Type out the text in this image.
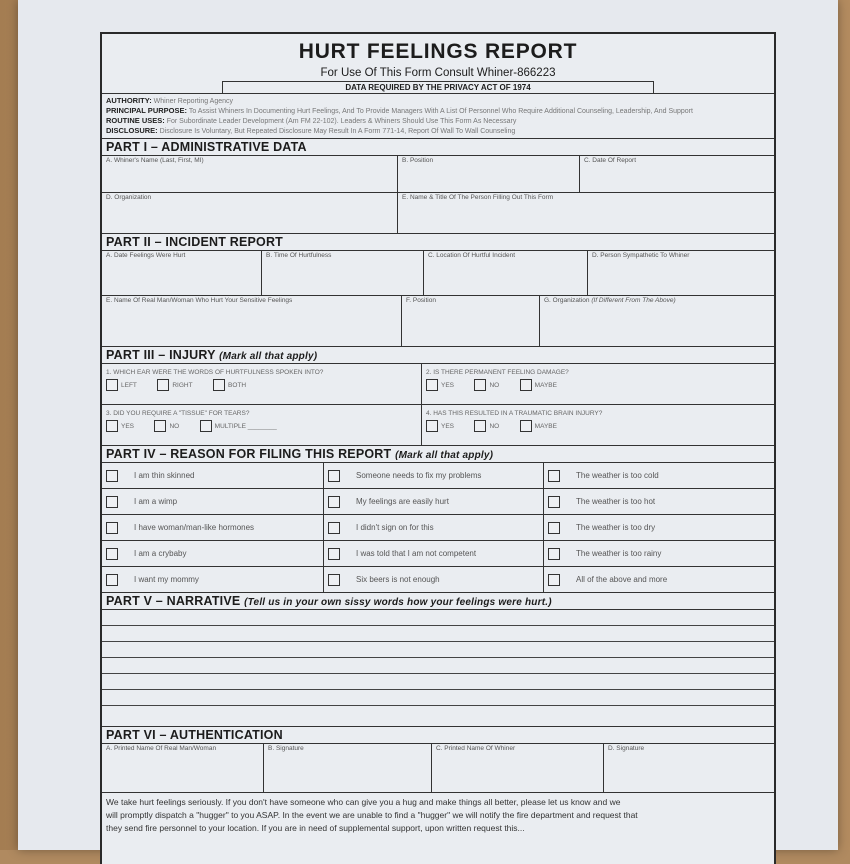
HURT FEELINGS REPORT
For Use Of This Form Consult Whiner-866223
DATA REQUIRED BY THE PRIVACY ACT OF 1974
AUTHORITY: Whiner Reporting Agency
PRINCIPAL PURPOSE: To Assist Whiners In Documenting Hurt Feelings, And To Provide Managers With A List Of Personnel Who Require Additional Counseling, Leadership, And Support
ROUTINE USES: For Subordinate Leader Development (Am FM 22-102). Leaders & Whiners Should Use This Form As Necessary
DISCLOSURE: Disclosure Is Voluntary, But Repeated Disclosure May Result In A Form 771-14, Report Of Wall To Wall Counseling
PART I – ADMINISTRATIVE DATA
A. Whiner's Name (Last, First, MI)	B. Position	C. Date Of Report
D. Organization	E. Name & Title Of The Person Filling Out This Form
PART II – INCIDENT REPORT
A. Date Feelings Were Hurt	B. Time Of Hurtfulness	C. Location Of Hurtful Incident	D. Person Sympathetic To Whiner
E. Name Of Real Man/Woman Who Hurt Your Sensitive Feelings	F. Position	G. Organization (If Different From The Above)
PART III – INJURY (Mark all that apply)
1. WHICH EAR WERE THE WORDS OF HURTFULNESS SPOKEN INTO?
LEFT
	RIGHT
	BOTH
2. IS THERE PERMANENT FEELING DAMAGE?
YES
	NO
	MAYBE
3. DID YOU REQUIRE A "TISSUE" FOR TEARS?
YES
	NO
	MULTIPLE ________
4. HAS THIS RESULTED IN A TRAUMATIC BRAIN INJURY?
YES
	NO
	MAYBE
PART IV – REASON FOR FILING THIS REPORT (Mark all that apply)
I am thin skinned	Someone needs to fix my problems	The weather is too cold
I am a wimp	My feelings are easily hurt	The weather is too hot
I have woman/man-like hormones	I didn't sign on for this	The weather is too dry
I am a crybaby	I was told that I am not competent	The weather is too rainy
I want my mommy	Six beers is not enough	All of the above and more
PART V – NARRATIVE (Tell us in your own sissy words how your feelings were hurt.)
PART VI – AUTHENTICATION
A. Printed Name Of Real Man/Woman	B. Signature	C. Printed Name Of Whiner	D. Signature
We take hurt feelings seriously. If you don't have someone who can give you a hug and make things all better, please let us know and we
will promptly dispatch a "hugger" to you ASAP. In the event we are unable to find a "hugger" we will notify the fire department and request that
they send fire personnel to your location. If you are in need of supplemental support, upon written request this...
